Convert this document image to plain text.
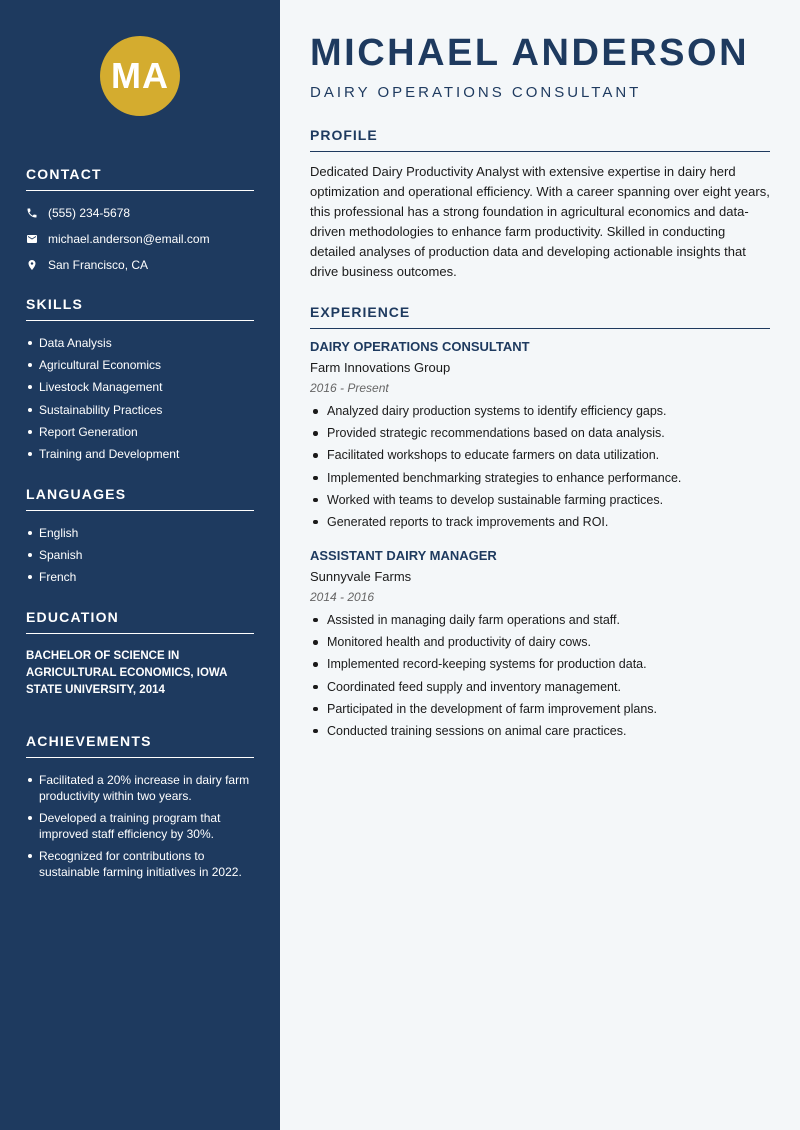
MA
CONTACT
(555) 234-5678
michael.anderson@email.com
San Francisco, CA
SKILLS
Data Analysis
Agricultural Economics
Livestock Management
Sustainability Practices
Report Generation
Training and Development
LANGUAGES
English
Spanish
French
EDUCATION
BACHELOR OF SCIENCE IN AGRICULTURAL ECONOMICS, IOWA STATE UNIVERSITY, 2014
ACHIEVEMENTS
Facilitated a 20% increase in dairy farm productivity within two years.
Developed a training program that improved staff efficiency by 30%.
Recognized for contributions to sustainable farming initiatives in 2022.
MICHAEL ANDERSON
DAIRY OPERATIONS CONSULTANT
PROFILE

Dedicated Dairy Productivity Analyst with extensive expertise in dairy herd optimization and operational efficiency. With a career spanning over eight years, this professional has a strong foundation in agricultural economics and data-driven methodologies to enhance farm productivity. Skilled in conducting detailed analyses of production data and developing actionable insights that drive business outcomes.

EXPERIENCE
DAIRY OPERATIONS CONSULTANT
Farm Innovations Group
2016 - Present
Analyzed dairy production systems to identify efficiency gaps.
Provided strategic recommendations based on data analysis.
Facilitated workshops to educate farmers on data utilization.
Implemented benchmarking strategies to enhance performance.
Worked with teams to develop sustainable farming practices.
Generated reports to track improvements and ROI.
ASSISTANT DAIRY MANAGER
Sunnyvale Farms
2014 - 2016
Assisted in managing daily farm operations and staff.
Monitored health and productivity of dairy cows.
Implemented record-keeping systems for production data.
Coordinated feed supply and inventory management.
Participated in the development of farm improvement plans.
Conducted training sessions on animal care practices.
